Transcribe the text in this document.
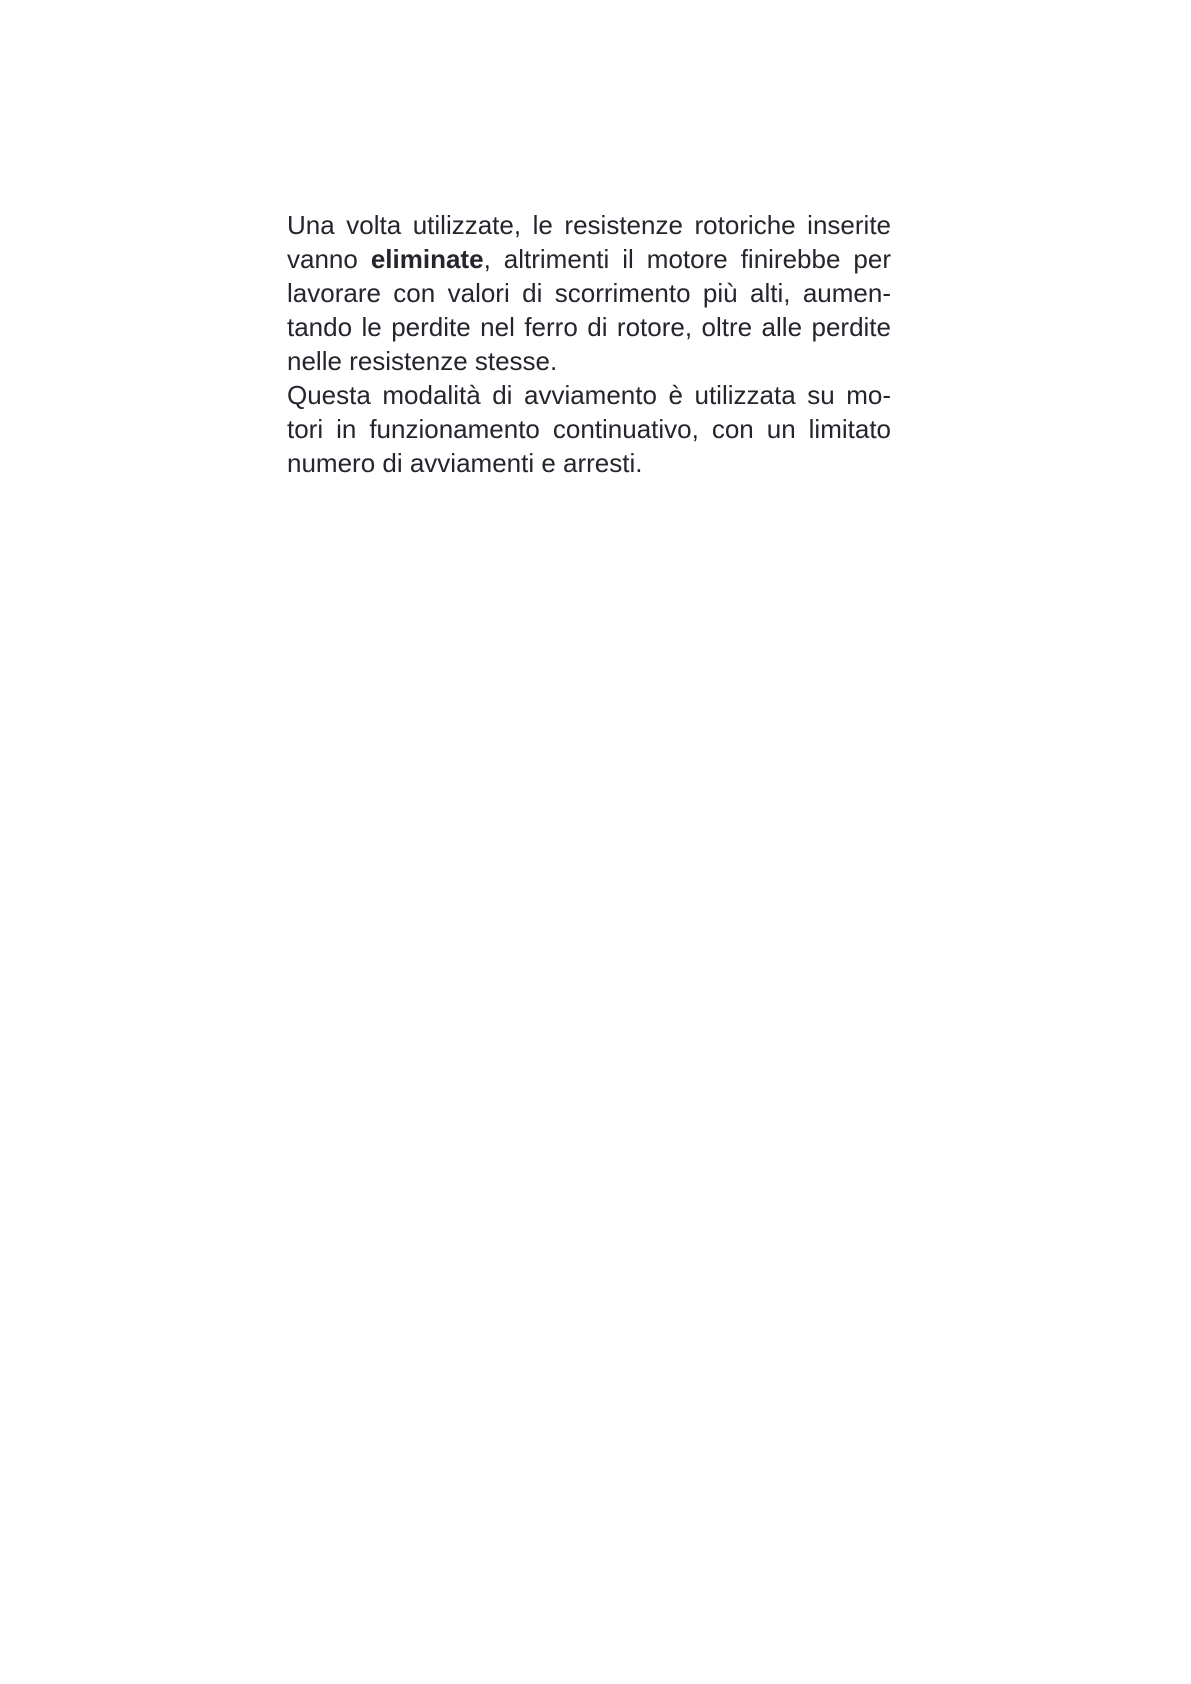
Una volta utilizzate, le resistenze rotoriche inserite
vanno eliminate, altrimenti il motore finirebbe per
lavorare con valori di scorrimento più alti, aumen-
tando le perdite nel ferro di rotore, oltre alle perdite
nelle resistenze stesse.
Questa modalità di avviamento è utilizzata su mo-
tori in funzionamento continuativo, con un limitato
numero di avviamenti e arresti.
